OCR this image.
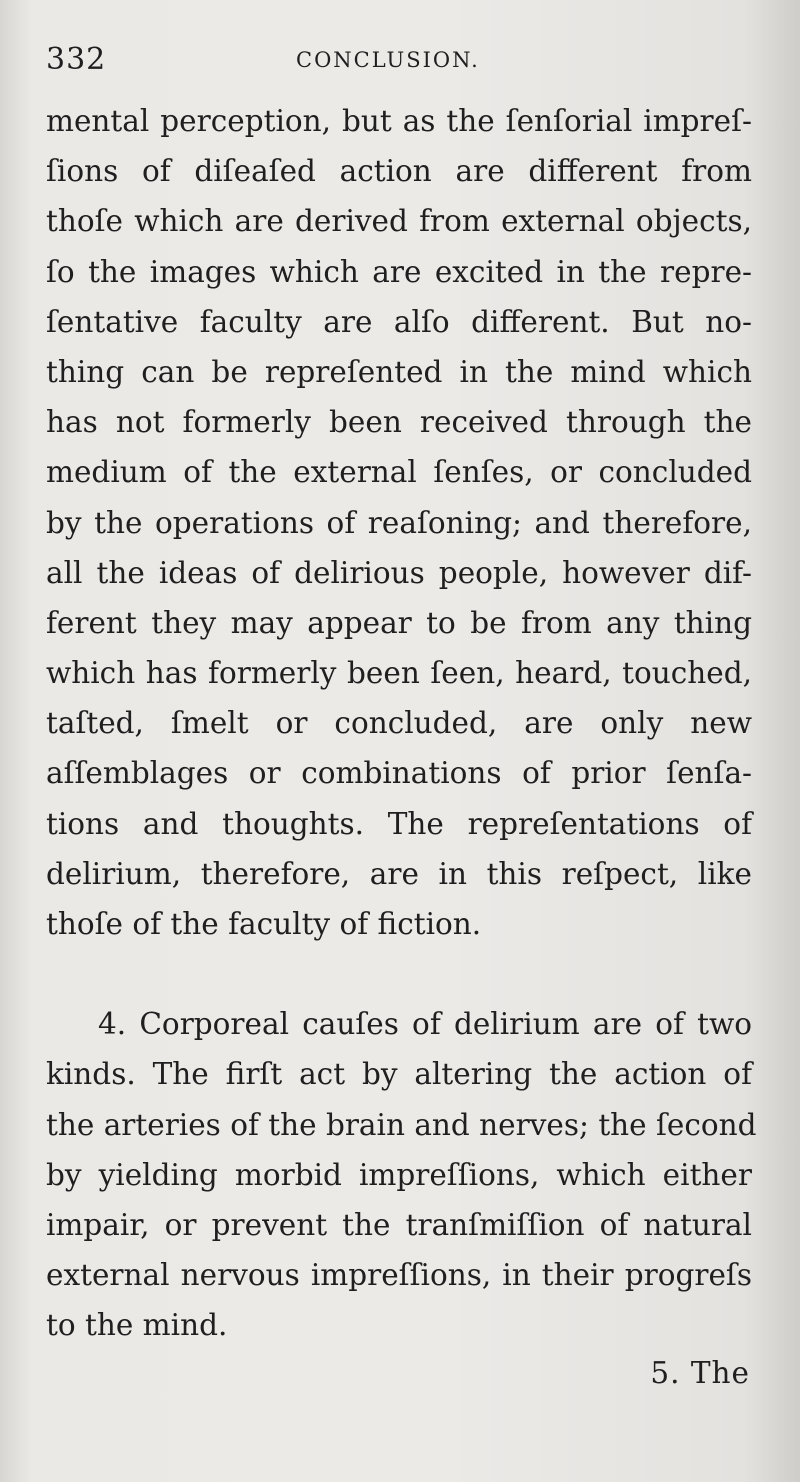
332	CONCLUSION.
mental perception, but as the ſenſorial impreſ-
ſions of diſeaſed action are different from
thoſe which are derived from external objects,
ſo the images which are excited in the repre-
ſentative faculty are alſo different. But no-
thing can be repreſented in the mind which
has not formerly been received through the
medium of the external ſenſes, or concluded
by the operations of reaſoning; and therefore,
all the ideas of delirious people, however dif-
ferent they may appear to be from any thing
which has formerly been ſeen, heard, touched,
taſted, ſmelt or concluded, are only new
aſſemblages or combinations of prior ſenſa-
tions and thoughts. The repreſentations of
delirium, therefore, are in this reſpect, like
thoſe of the faculty of fiction.
4. Corporeal cauſes of delirium are of two
kinds. The firſt act by altering the action of
the arteries of the brain and nerves; the ſecond
by yielding morbid impreſſions, which either
impair, or prevent the tranſmiſſion of natural
external nervous impreſſions, in their progreſs
to the mind.
5. The
